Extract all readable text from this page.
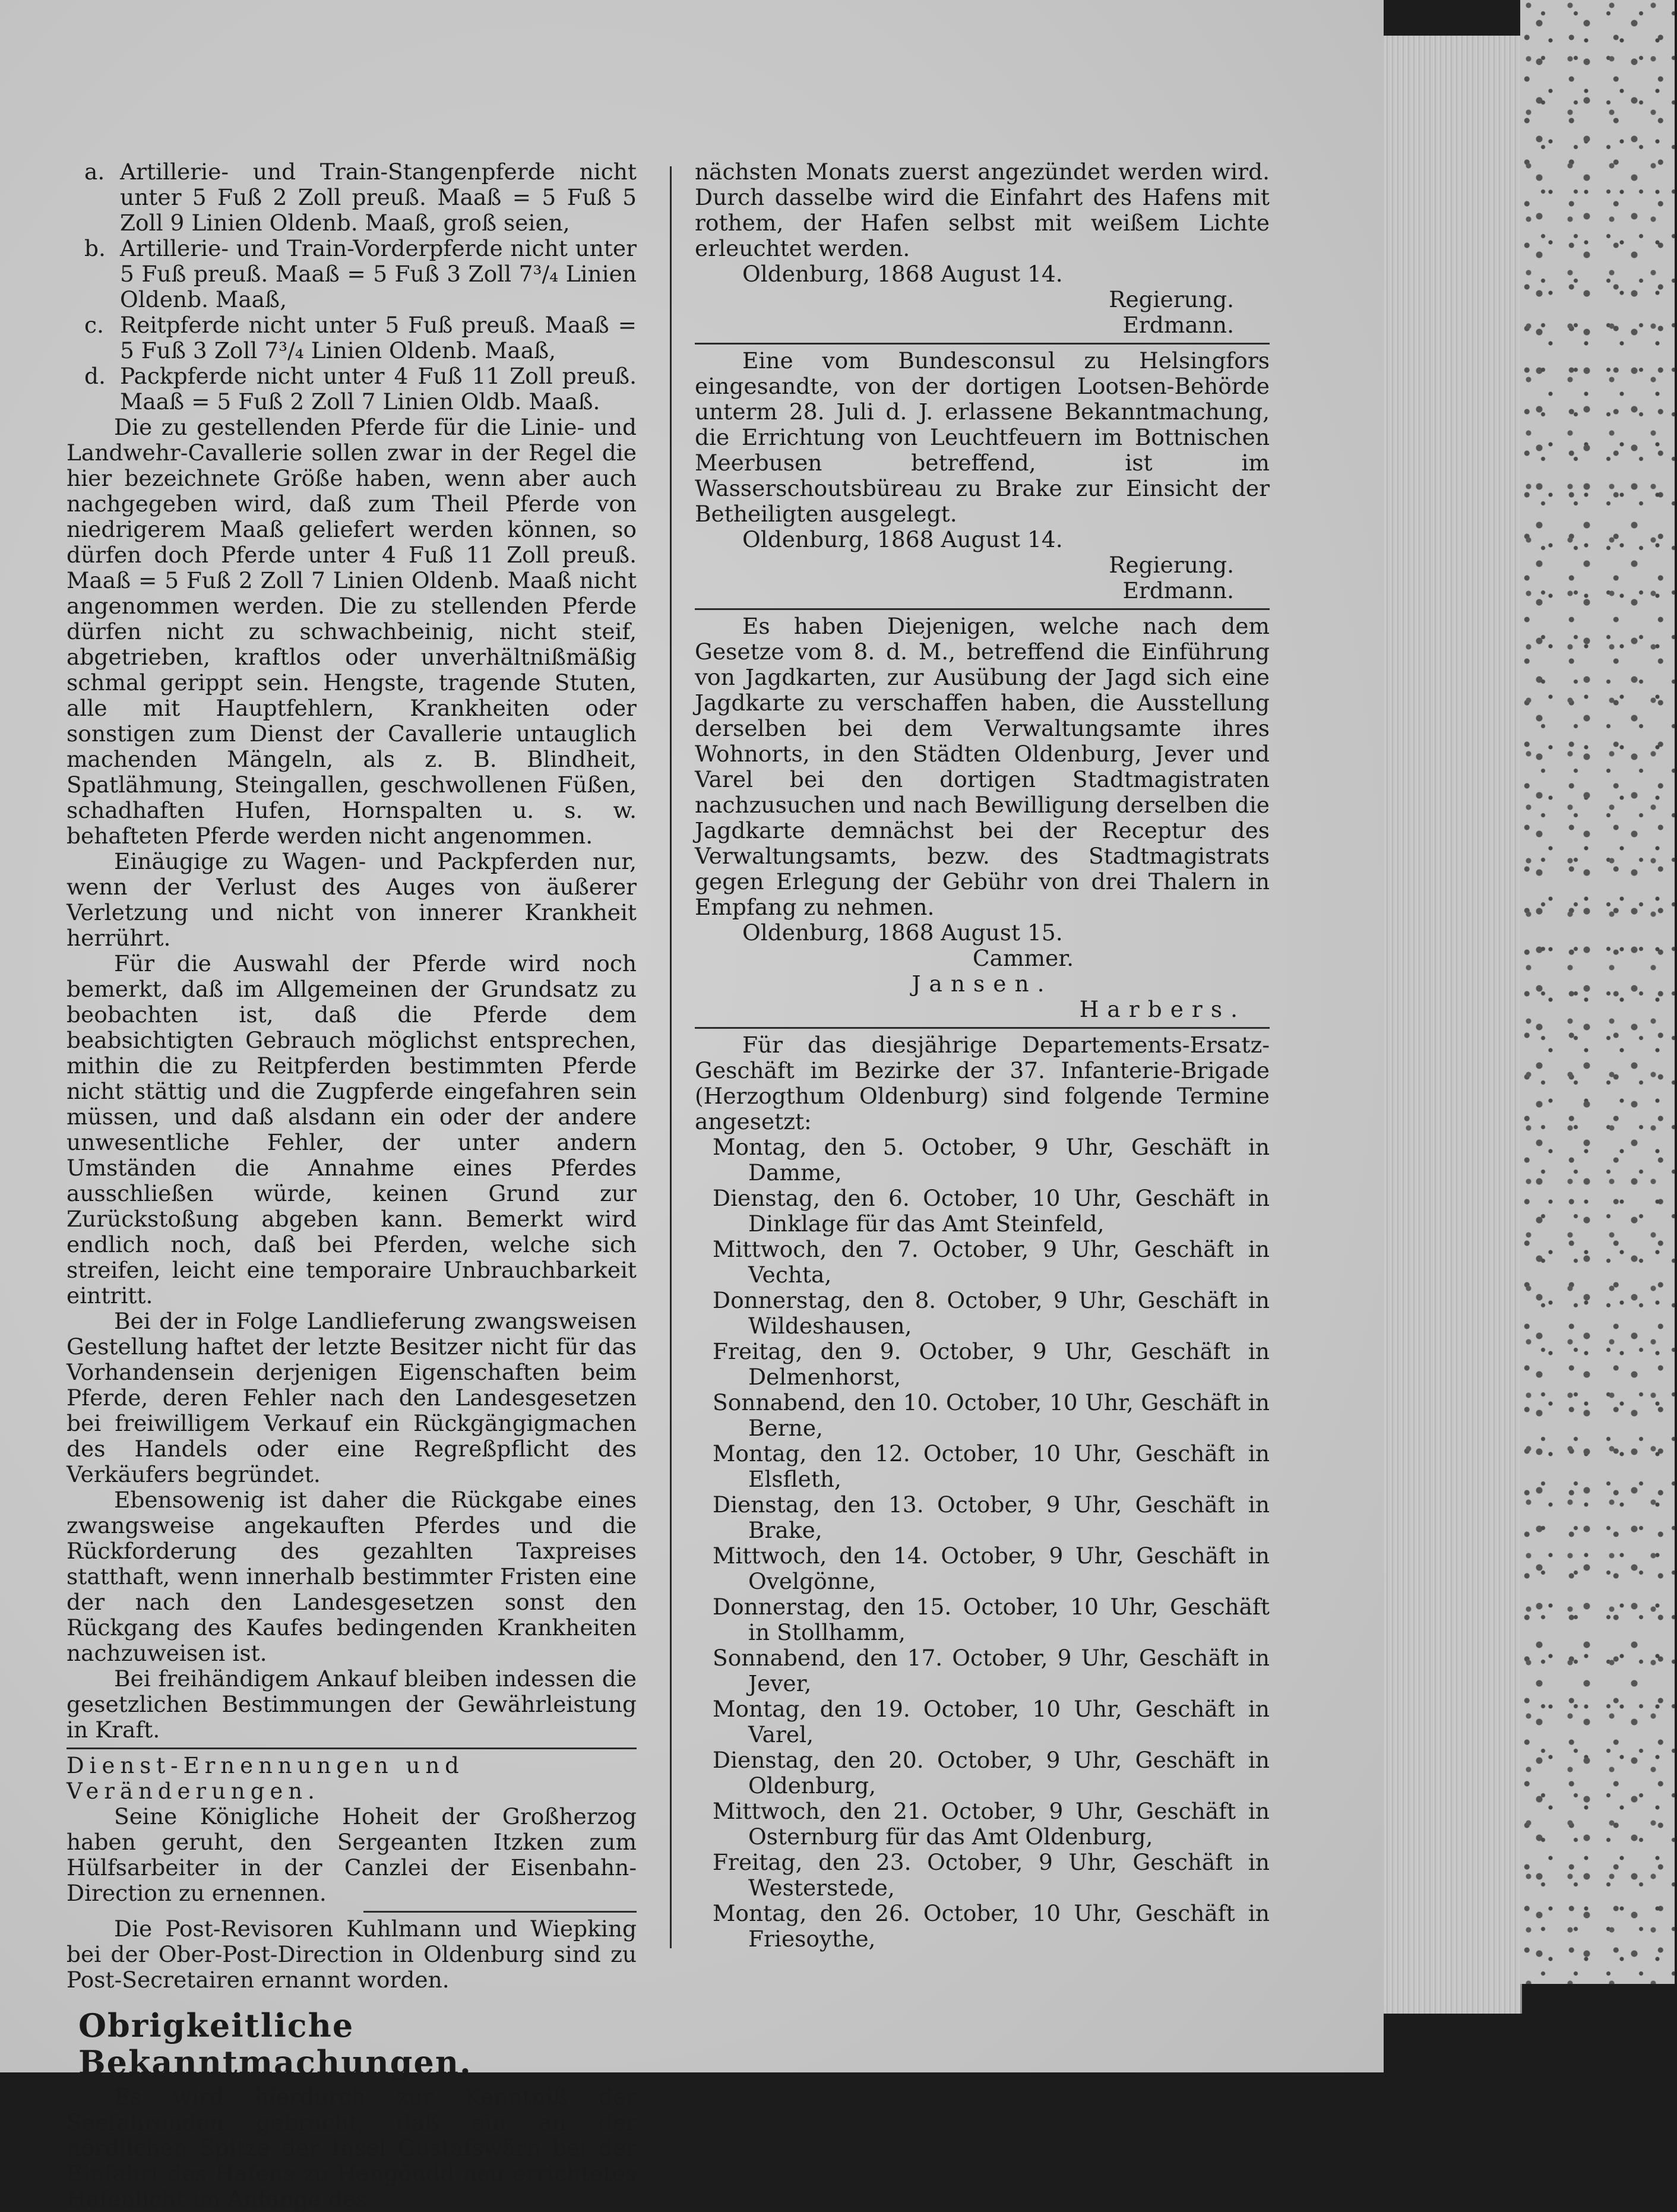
a. Artillerie- und Train-Stangenpferde nicht unter 5 Fuß 2 Zoll preuß. Maaß = 5 Fuß 5 Zoll 9 Linien Oldenb. Maaß, groß seien,
b. Artillerie- und Train-Vorderpferde nicht unter 5 Fuß preuß. Maaß = 5 Fuß 3 Zoll 7³/₄ Linien Oldenb. Maaß,
c. Reitpferde nicht unter 5 Fuß preuß. Maaß = 5 Fuß 3 Zoll 7³/₄ Linien Oldenb. Maaß,
d. Packpferde nicht unter 4 Fuß 11 Zoll preuß. Maaß = 5 Fuß 2 Zoll 7 Linien Oldb. Maaß.

Die zu gestellenden Pferde für die Linie- und Landwehr-Cavallerie sollen zwar in der Regel die hier bezeichnete Größe haben, wenn aber auch nachgegeben wird, daß zum Theil Pferde von niedrigerem Maaß geliefert werden können, so dürfen doch Pferde unter 4 Fuß 11 Zoll preuß. Maaß = 5 Fuß 2 Zoll 7 Linien Oldenb. Maaß nicht angenommen werden. Die zu stellenden Pferde dürfen nicht zu schwachbeinig, nicht steif, abgetrieben, kraftlos oder unverhältnißmäßig schmal gerippt sein. Hengste, tragende Stuten, alle mit Hauptfehlern, Krankheiten oder sonstigen zum Dienst der Cavallerie untauglich machenden Mängeln, als z. B. Blindheit, Spatlähmung, Steingallen, geschwollenen Füßen, schadhaften Hufen, Hornspalten u. s. w. behafteten Pferde werden nicht angenommen.

Einäugige zu Wagen- und Packpferden nur, wenn der Verlust des Auges von äußerer Verletzung und nicht von innerer Krankheit herrührt.

Für die Auswahl der Pferde wird noch bemerkt, daß im Allgemeinen der Grundsatz zu beobachten ist, daß die Pferde dem beabsichtigten Gebrauch möglichst entsprechen, mithin die zu Reitpferden bestimmten Pferde nicht stättig und die Zugpferde eingefahren sein müssen, und daß alsdann ein oder der andere unwesentliche Fehler, der unter andern Umständen die Annahme eines Pferdes ausschließen würde, keinen Grund zur Zurückstoßung abgeben kann. Bemerkt wird endlich noch, daß bei Pferden, welche sich streifen, leicht eine temporaire Unbrauchbarkeit eintritt.

Bei der in Folge Landlieferung zwangsweisen Gestellung haftet der letzte Besitzer nicht für das Vorhandensein derjenigen Eigenschaften beim Pferde, deren Fehler nach den Landesgesetzen bei freiwilligem Verkauf ein Rückgängigmachen des Handels oder eine Regreßpflicht des Verkäufers begründet.

Ebensowenig ist daher die Rückgabe eines zwangsweise angekauften Pferdes und die Rückforderung des gezahlten Taxpreises statthaft, wenn innerhalb bestimmter Fristen eine der nach den Landesgesetzen sonst den Rückgang des Kaufes bedingenden Krankheiten nachzuweisen ist.

Bei freihändigem Ankauf bleiben indessen die gesetzlichen Bestimmungen der Gewährleistung in Kraft.

Dienst-Ernennungen und Veränderungen.

Seine Königliche Hoheit der Großherzog haben geruht, den Sergeanten Itzken zum Hülfsarbeiter in der Canzlei der Eisenbahn-Direction zu ernennen.

Die Post-Revisoren Kuhlmann und Wiepking bei der Ober-Post-Direction in Oldenburg sind zu Post-Secretairen ernannt worden.

Obrigkeitliche Bekanntmachungen.

Es wird hierdurch zur Kenntniß der Seefahrenden gebracht, daß ein an der nördlichen Spitze der Insel Gustafswärn bei der Einfahrt des Hafens zu Hangöudd neu errichtetes Hafenlicht im Anfange des

nächsten Monats zuerst angezündet werden wird. Durch dasselbe wird die Einfahrt des Hafens mit rothem, der Hafen selbst mit weißem Lichte erleuchtet werden.

Oldenburg, 1868 August 14.

Regierung.

Erdmann.

Eine vom Bundesconsul zu Helsingfors eingesandte, von der dortigen Lootsen-Behörde unterm 28. Juli d. J. erlassene Bekanntmachung, die Errichtung von Leuchtfeuern im Bottnischen Meerbusen betreffend, ist im Wasserschoutsbüreau zu Brake zur Einsicht der Betheiligten ausgelegt.

Oldenburg, 1868 August 14.

Regierung.

Erdmann.

Es haben Diejenigen, welche nach dem Gesetze vom 8. d. M., betreffend die Einführung von Jagdkarten, zur Ausübung der Jagd sich eine Jagdkarte zu verschaffen haben, die Ausstellung derselben bei dem Verwaltungsamte ihres Wohnorts, in den Städten Oldenburg, Jever und Varel bei den dortigen Stadtmagistraten nachzusuchen und nach Bewilligung derselben die Jagdkarte demnächst bei der Receptur des Verwaltungsamts, bezw. des Stadtmagistrats gegen Erlegung der Gebühr von drei Thalern in Empfang zu nehmen.

Oldenburg, 1868 August 15.

Cammer.

Jansen.

Harbers.

Für das diesjährige Departements-Ersatz-Geschäft im Bezirke der 37. Infanterie-Brigade (Herzogthum Oldenburg) sind folgende Termine angesetzt:

Montag, den 5. October, 9 Uhr, Geschäft in Damme,
Dienstag, den 6. October, 10 Uhr, Geschäft in Dinklage für das Amt Steinfeld,
Mittwoch, den 7. October, 9 Uhr, Geschäft in Vechta,
Donnerstag, den 8. October, 9 Uhr, Geschäft in Wildeshausen,
Freitag, den 9. October, 9 Uhr, Geschäft in Delmenhorst,
Sonnabend, den 10. October, 10 Uhr, Geschäft in Berne,
Montag, den 12. October, 10 Uhr, Geschäft in Elsfleth,
Dienstag, den 13. October, 9 Uhr, Geschäft in Brake,
Mittwoch, den 14. October, 9 Uhr, Geschäft in Ovelgönne,
Donnerstag, den 15. October, 10 Uhr, Geschäft in Stollhamm,
Sonnabend, den 17. October, 9 Uhr, Geschäft in Jever,
Montag, den 19. October, 10 Uhr, Geschäft in Varel,
Dienstag, den 20. October, 9 Uhr, Geschäft in Oldenburg,
Mittwoch, den 21. October, 9 Uhr, Geschäft in Osternburg für das Amt Oldenburg,
Freitag, den 23. October, 9 Uhr, Geschäft in Westerstede,
Montag, den 26. October, 10 Uhr, Geschäft in Friesoythe,
